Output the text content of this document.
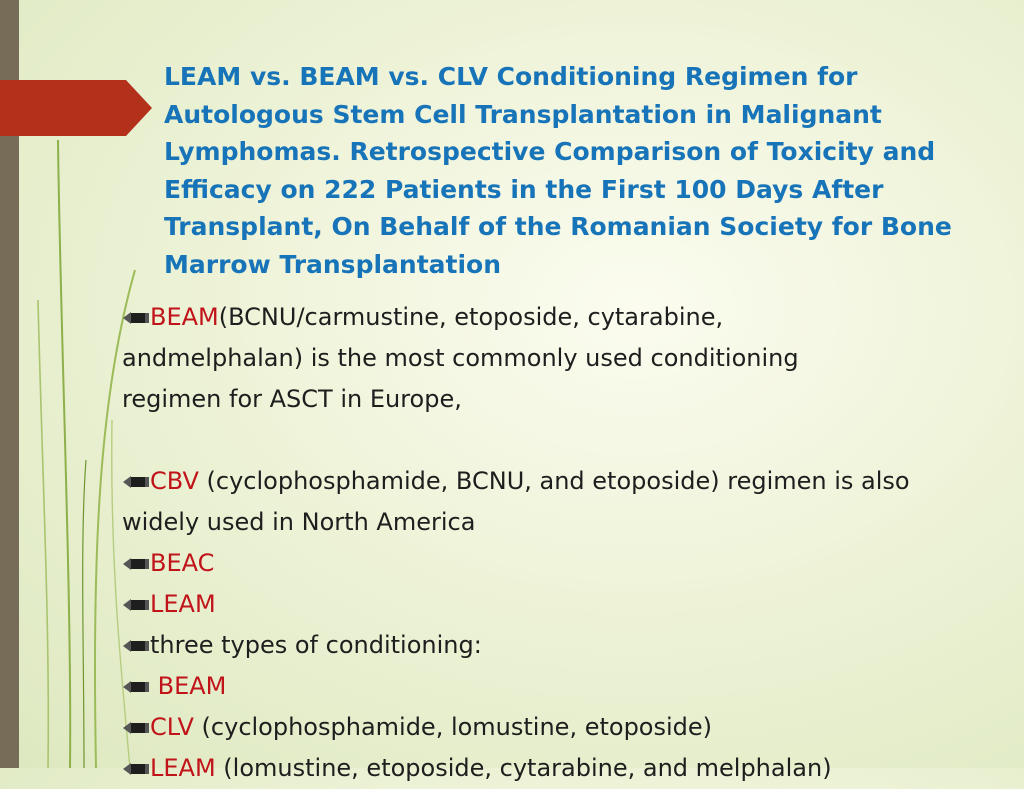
LEAM vs. BEAM vs. CLV Conditioning Regimen for Autologous Stem Cell Transplantation in Malignant Lymphomas. Retrospective Comparison of Toxicity and Efficacy on 222 Patients in the First 100 Days After Transplant, On Behalf of the Romanian Society for Bone Marrow Transplantation
BEAM(BCNU/carmustine, etoposide, cytarabine,
andmelphalan) is the most commonly used conditioning
regimen for ASCT in Europe,
CBV (cyclophosphamide, BCNU, and etoposide) regimen is also
widely used in North America
BEAC
LEAM
three types of conditioning:
BEAM
CLV (cyclophosphamide, lomustine, etoposide)
LEAM (lomustine, etoposide, cytarabine, and melphalan)
